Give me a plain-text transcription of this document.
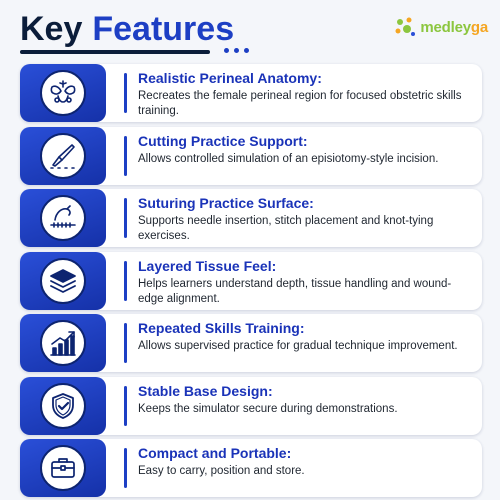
Key Features	medleyga
Realistic Perineal Anatomy:
Recreates the female perineal region for focused obstetric skills training.
Cutting Practice Support:
Allows controlled simulation of an episiotomy-style incision.
Suturing Practice Surface:
Supports needle insertion, stitch placement and knot-tying exercises.
Layered Tissue Feel:
Helps learners understand depth, tissue handling and wound-edge alignment.
Repeated Skills Training:
Allows supervised practice for gradual technique improvement.
Stable Base Design:
Keeps the simulator secure during demonstrations.
Compact and Portable:
Easy to carry, position and store.
